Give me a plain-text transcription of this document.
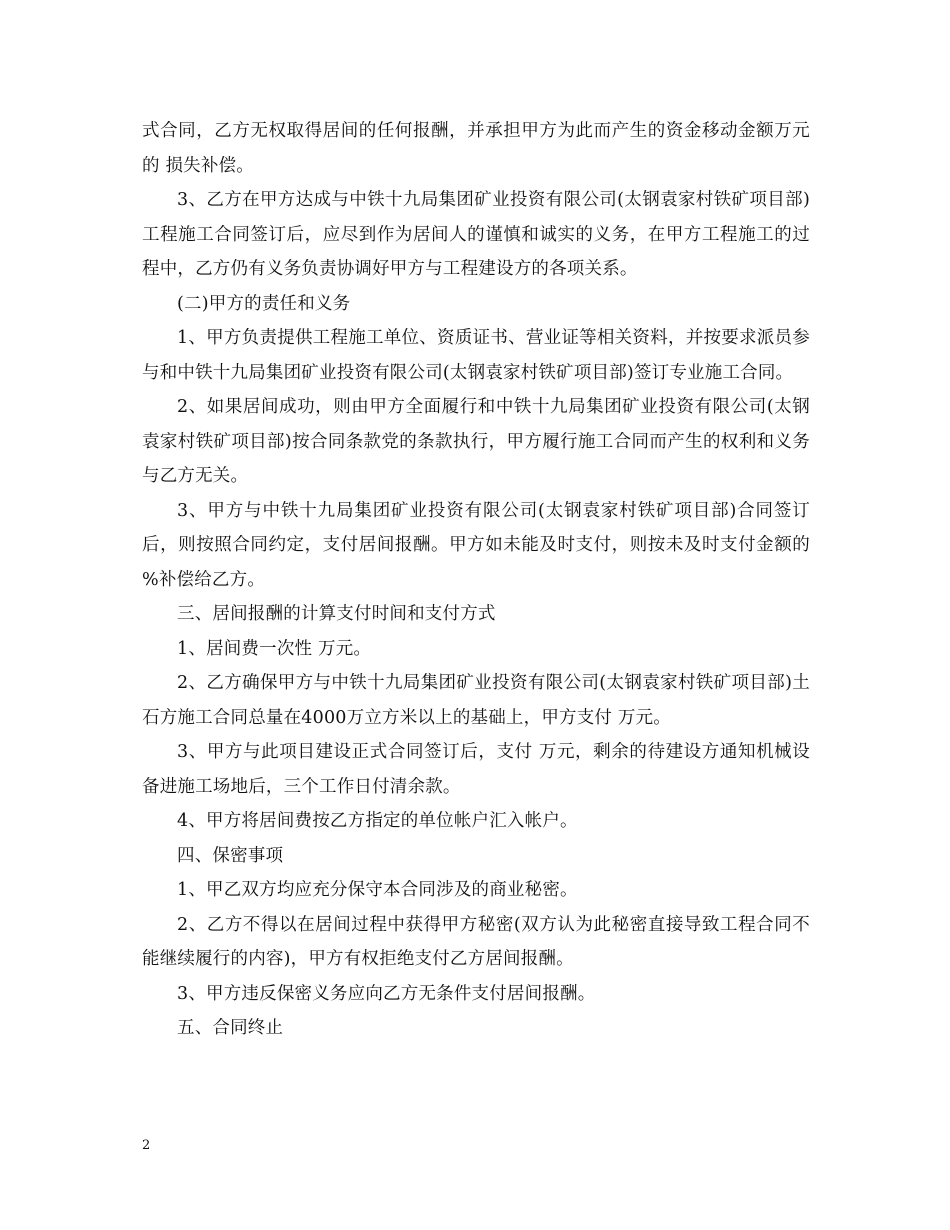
式合同，乙方无权取得居间的任何报酬，并承担甲方为此而产生的资金移动金额万元的 损失补偿。

3、乙方在甲方达成与中铁十九局集团矿业投资有限公司(太钢袁家村铁矿项目部)工程施工合同签订后，应尽到作为居间人的谨慎和诚实的义务，在甲方工程施工的过程中，乙方仍有义务负责协调好甲方与工程建设方的各项关系。

(二)甲方的责任和义务

1、甲方负责提供工程施工单位、资质证书、营业证等相关资料，并按要求派员参与和中铁十九局集团矿业投资有限公司(太钢袁家村铁矿项目部)签订专业施工合同。

2、如果居间成功，则由甲方全面履行和中铁十九局集团矿业投资有限公司(太钢袁家村铁矿项目部)按合同条款党的条款执行，甲方履行施工合同而产生的权利和义务与乙方无关。

3、甲方与中铁十九局集团矿业投资有限公司(太钢袁家村铁矿项目部)合同签订后，则按照合同约定，支付居间报酬。甲方如未能及时支付，则按未及时支付金额的 %补偿给乙方。

三、居间报酬的计算支付时间和支付方式

1、居间费一次性 万元。

2、乙方确保甲方与中铁十九局集团矿业投资有限公司(太钢袁家村铁矿项目部)土石方施工合同总量在4000万立方米以上的基础上，甲方支付 万元。

3、甲方与此项目建设正式合同签订后，支付 万元，剩余的待建设方通知机械设备进施工场地后，三个工作日付清余款。

4、甲方将居间费按乙方指定的单位帐户汇入帐户。

四、保密事项

1、甲乙双方均应充分保守本合同涉及的商业秘密。

2、乙方不得以在居间过程中获得甲方秘密(双方认为此秘密直接导致工程合同不能继续履行的内容)，甲方有权拒绝支付乙方居间报酬。

3、甲方违反保密义务应向乙方无条件支付居间报酬。

五、合同终止

2
